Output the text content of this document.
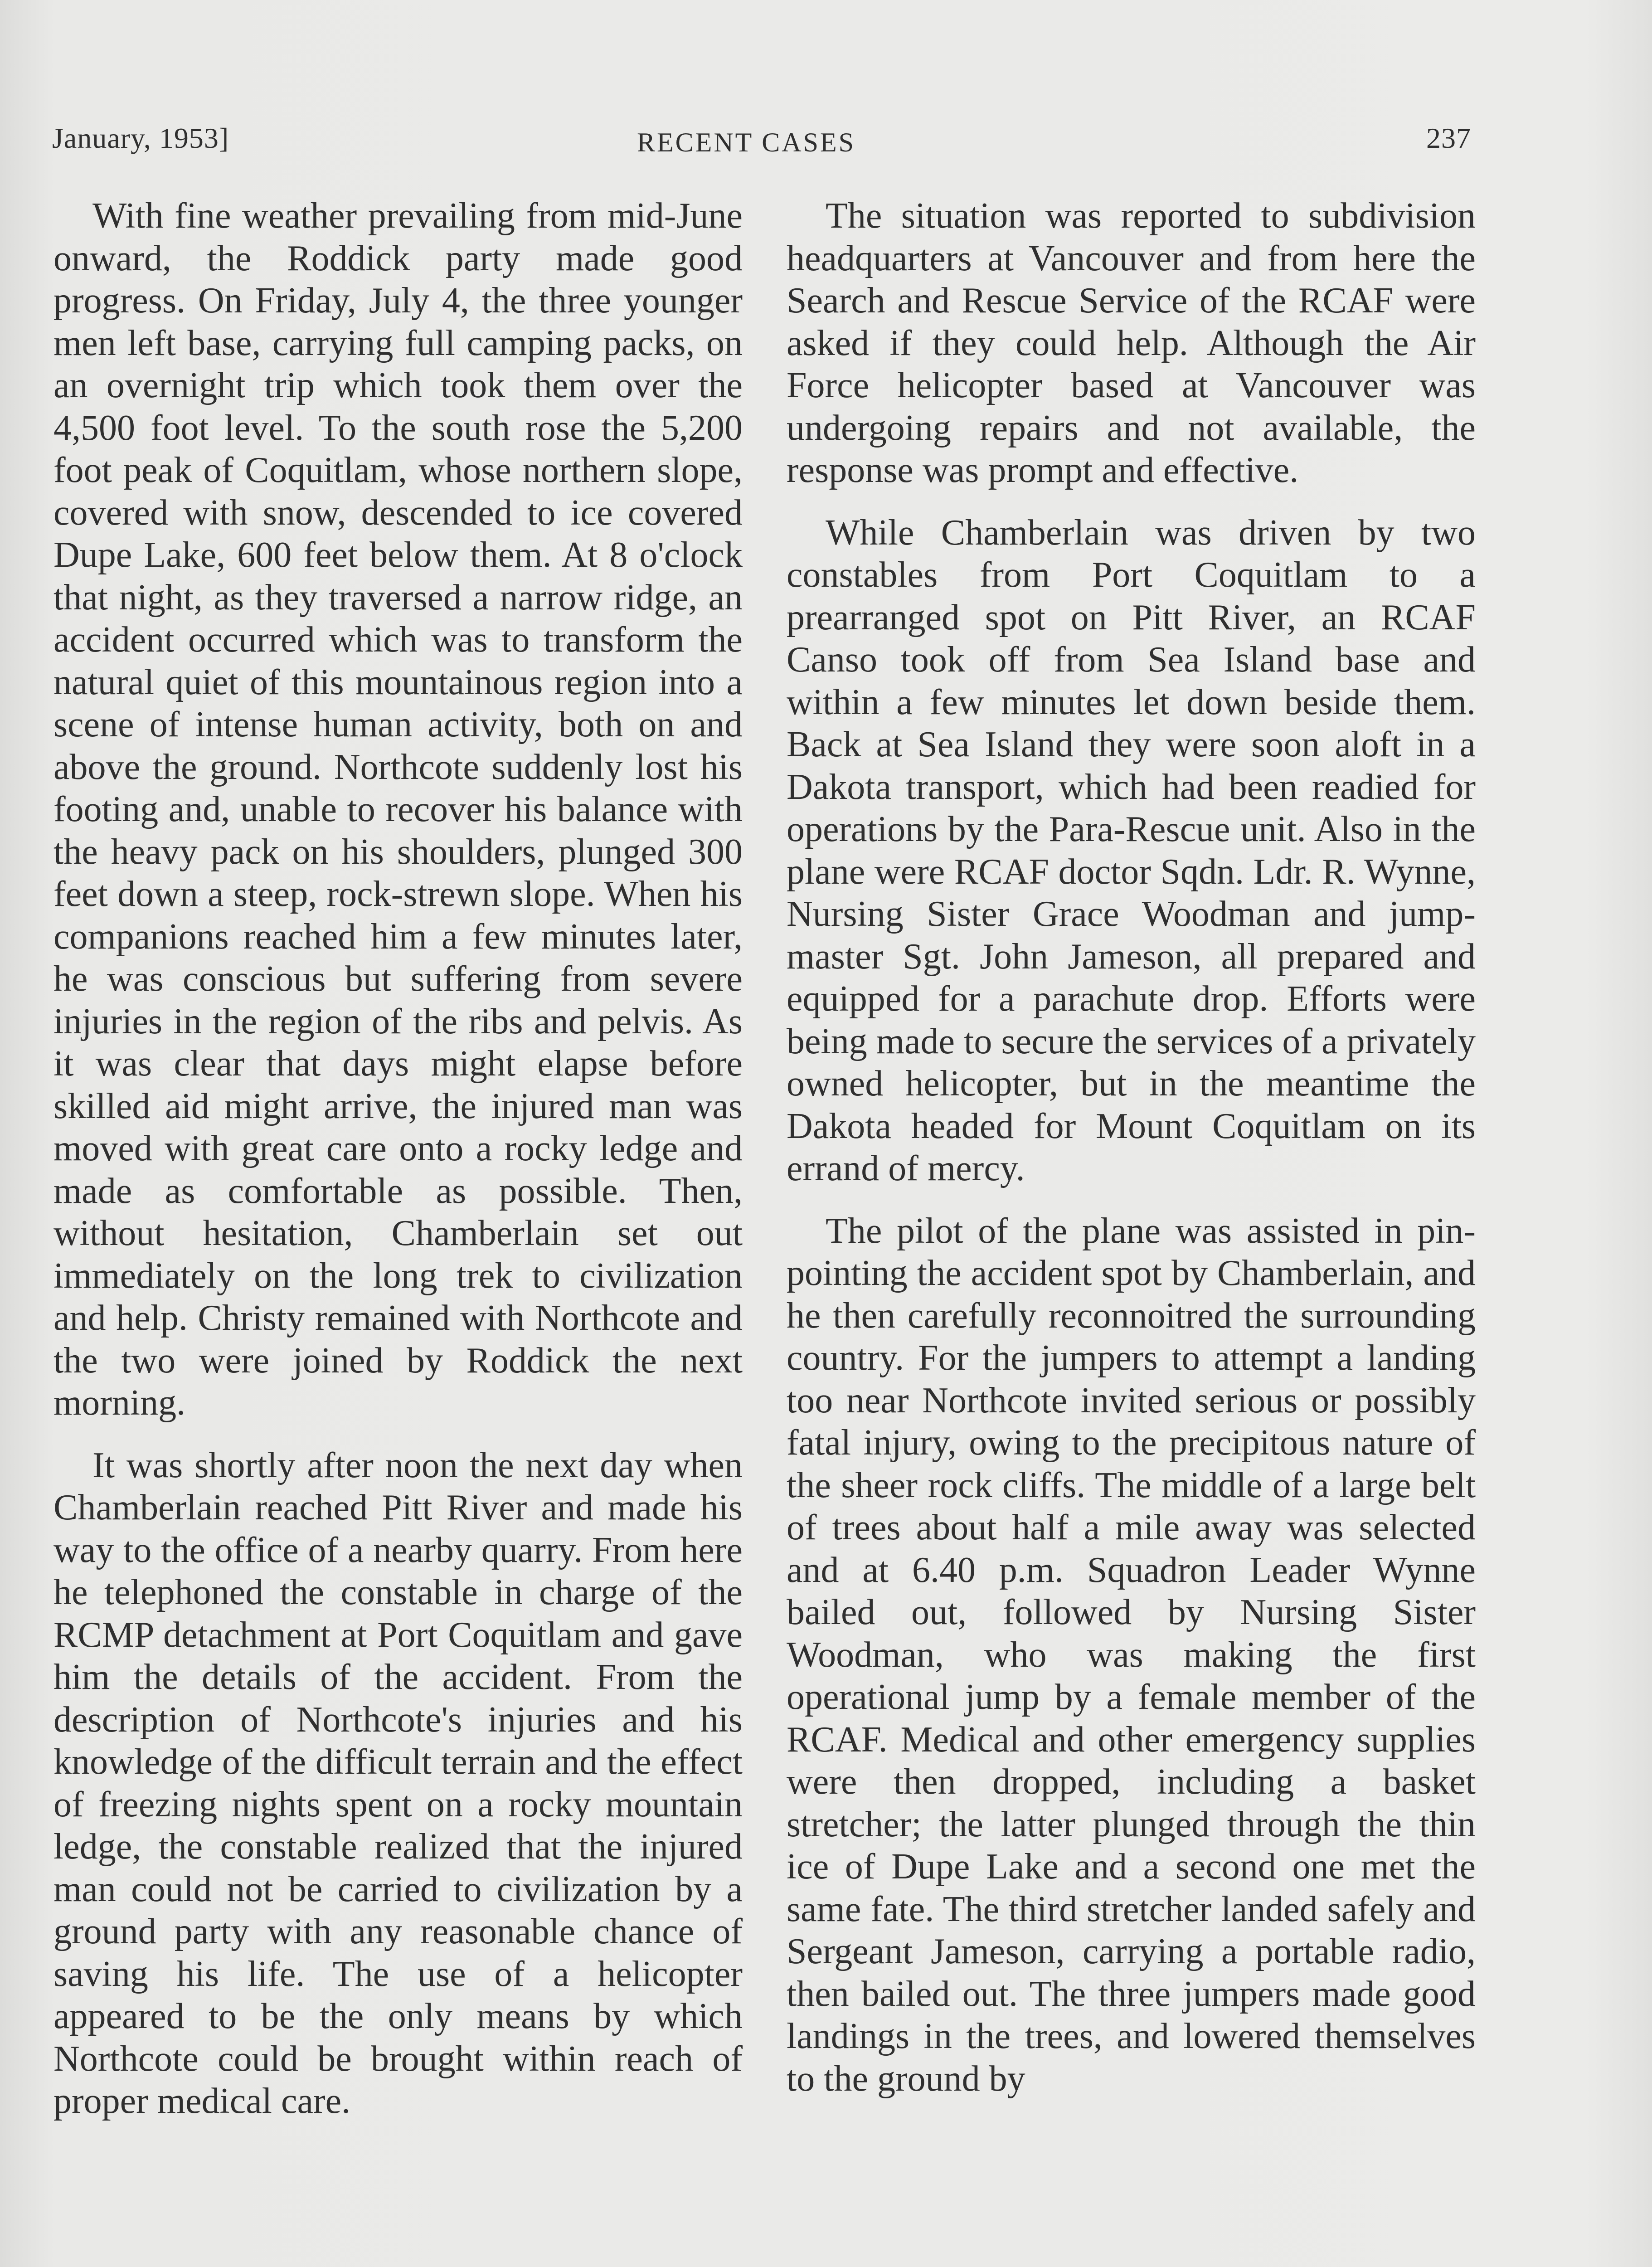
January, 1953]	RECENT CASES	237

With fine weather prevailing from mid-June onward, the Roddick party made good progress. On Friday, July 4, the three younger men left base, carrying full camping packs, on an overnight trip which took them over the 4,500 foot level. To the south rose the 5,200 foot peak of Coquitlam, whose northern slope, covered with snow, descended to ice covered Dupe Lake, 600 feet below them. At 8 o'clock that night, as they traversed a narrow ridge, an accident occurred which was to transform the natural quiet of this mountainous region into a scene of intense human activity, both on and above the ground. Northcote suddenly lost his footing and, unable to recover his balance with the heavy pack on his shoulders, plunged 300 feet down a steep, rock-strewn slope. When his companions reached him a few minutes later, he was conscious but suffering from severe injuries in the region of the ribs and pelvis. As it was clear that days might elapse before skilled aid might arrive, the injured man was moved with great care onto a rocky ledge and made as comfortable as possible. Then, without hesitation, Chamberlain set out immediately on the long trek to civilization and help. Christy remained with Northcote and the two were joined by Roddick the next morning.

It was shortly after noon the next day when Chamberlain reached Pitt River and made his way to the office of a nearby quarry. From here he telephoned the constable in charge of the RCMP detachment at Port Coquitlam and gave him the details of the accident. From the description of Northcote's injuries and his knowledge of the difficult terrain and the effect of freezing nights spent on a rocky mountain ledge, the constable realized that the injured man could not be carried to civilization by a ground party with any reasonable chance of saving his life. The use of a helicopter appeared to be the only means by which Northcote could be brought within reach of proper medical care.

The situation was reported to subdivision headquarters at Vancouver and from here the Search and Rescue Service of the RCAF were asked if they could help. Although the Air Force helicopter based at Vancouver was undergoing repairs and not available, the response was prompt and effective.

While Chamberlain was driven by two constables from Port Coquitlam to a prearranged spot on Pitt River, an RCAF Canso took off from Sea Island base and within a few minutes let down beside them. Back at Sea Island they were soon aloft in a Dakota transport, which had been readied for operations by the Para-Rescue unit. Also in the plane were RCAF doctor Sqdn. Ldr. R. Wynne, Nursing Sister Grace Woodman and jump-master Sgt. John Jameson, all prepared and equipped for a parachute drop. Efforts were being made to secure the services of a privately owned helicopter, but in the meantime the Dakota headed for Mount Coquitlam on its errand of mercy.

The pilot of the plane was assisted in pin-pointing the accident spot by Chamberlain, and he then carefully reconnoitred the surrounding country. For the jumpers to attempt a landing too near Northcote invited serious or possibly fatal injury, owing to the precipitous nature of the sheer rock cliffs. The middle of a large belt of trees about half a mile away was selected and at 6.40 p.m. Squadron Leader Wynne bailed out, followed by Nursing Sister Woodman, who was making the first operational jump by a female member of the RCAF. Medical and other emergency supplies were then dropped, including a basket stretcher; the latter plunged through the thin ice of Dupe Lake and a second one met the same fate. The third stretcher landed safely and Sergeant Jameson, carrying a portable radio, then bailed out. The three jumpers made good landings in the trees, and lowered themselves to the ground by
